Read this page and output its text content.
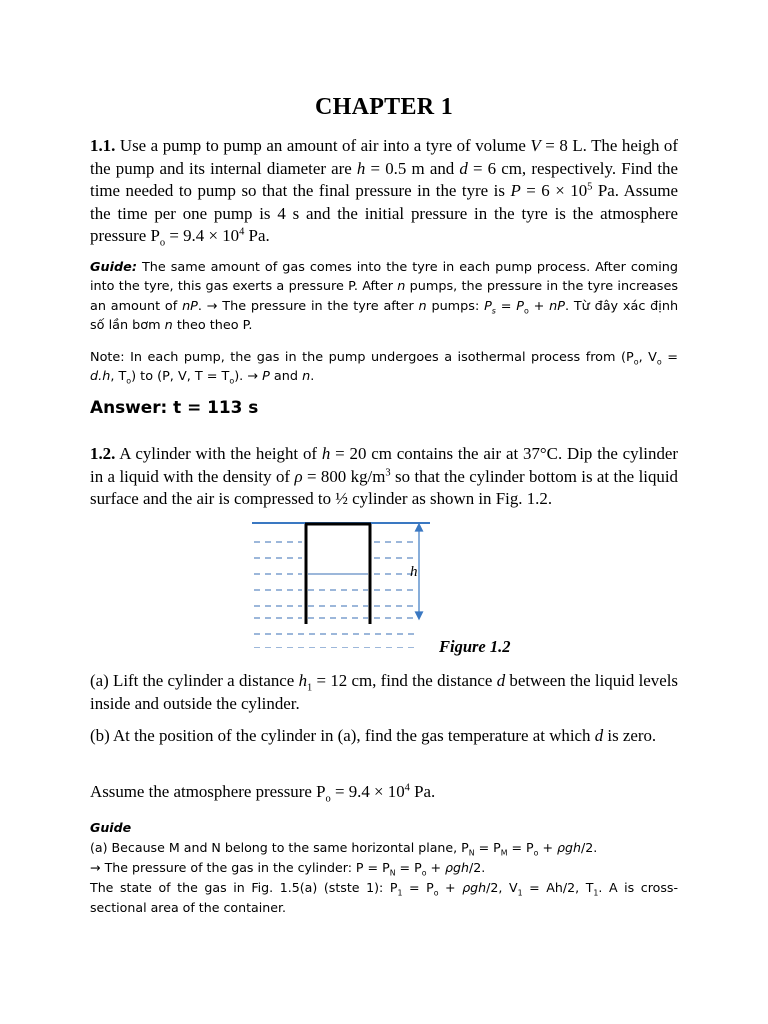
CHAPTER 1
1.1. Use a pump to pump an amount of air into a tyre of volume V = 8 L. The heigh of the pump and its internal diameter are h = 0.5 m and d = 6 cm, respectively. Find the time needed to pump so that the final pressure in the tyre is $P = 6 \times 10^5$ Pa. Assume the time per one pump is 4 s and the initial pressure in the tyre is the atmosphere pressure $P_o = 9.4 \times 10^4$ Pa.
Guide: The same amount of gas comes into the tyre in each pump process. After coming into the tyre, this gas exerts a pressure P. After n pumps, the pressure in the tyre increases an amount of nP. → The pressure in the tyre after n pumps: $P_s = P_o$ + nP. Từ đây xác định số lần bơm n theo theo P.
Note: In each pump, the gas in the pump undergoes a isothermal process from ($P_o$, $V_o = d.h$, $T_o$) to (P, V, $T = T_o$). → P and n.
Answer: t = 113 s
1.2. A cylinder with the height of h = 20 cm contains the air at 37°C. Dip the cylinder in a liquid with the density of ρ = 800 $kg/m^3$ so that the cylinder bottom is at the liquid surface and the air is compressed to ½ cylinder as shown in Fig. 1.2.
h
Figure 1.2
(a) Lift the cylinder a distance $h_1 = 12$ cm, find the distance d between the liquid levels inside and outside the cylinder.
(b) At the position of the cylinder in (a), find the gas temperature at which d is zero.
Assume the atmosphere pressure $P_o = 9.4 \times 10^4$ Pa.
Guide
(a) Because M and N belong to the same horizontal plane, $P_N = P_M = P_o + \rho gh/2$.
→ The pressure of the gas in the cylinder: $P = P_N = P_o + \rho gh/2$.
The state of the gas in Fig. 1.5(a) (stste 1): $P_1 = P_o + \rho gh/2$, $V_1 = Ah/2$, $T_1$. A is cross-sectional area of the container.
